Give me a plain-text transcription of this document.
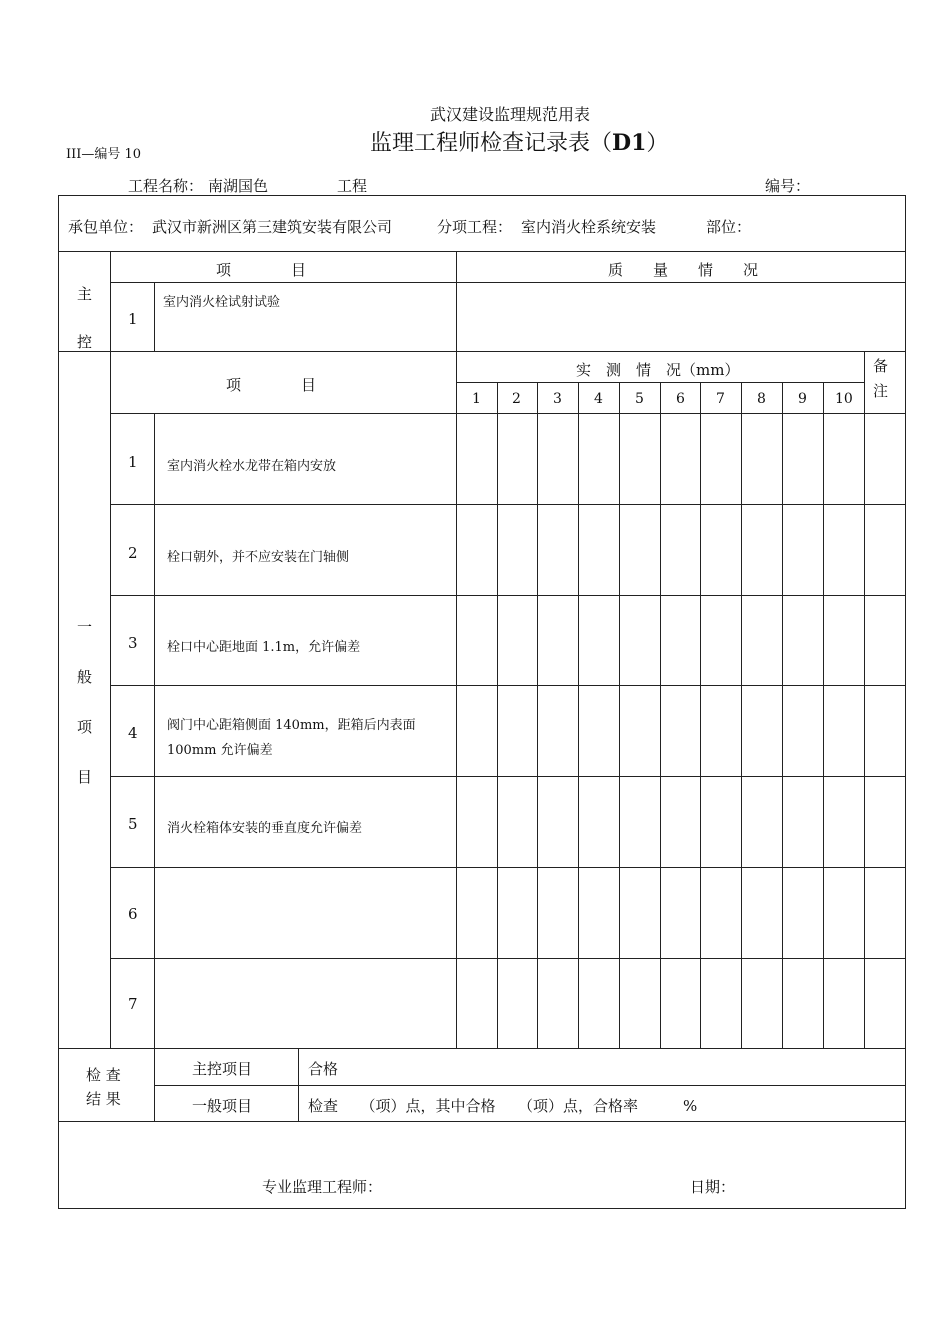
武汉建设监理规范用表
监理工程师检查记录表（D1）
III—编号 10
工程名称： 南湖国色	工程	编号：
承包单位： 武汉市新洲区第三建筑安装有限公司	分项工程： 室内消火栓系统安装	部位：
主
控
项　　　　目	质　　量　　情　　况
1
室内消火栓试射试验
一
般
项
目
项　　　　目
实　测　情　况（mm）	备
注
1 2 3 4 5 6 7 8 9 10
1 室内消火栓水龙带在箱内安放
2 栓口朝外，并不应安装在门轴侧
3 栓口中心距地面 1.1m，允许偏差
4 阀门中心距箱侧面 140mm，距箱后内表面
100mm 允许偏差
5 消火栓箱体安装的垂直度允许偏差
6
7
检 查
结 果
主控项目	合格
一般项目	检查　　（项）点，其中合格　　（项）点，合格率　　　%
专业监理工程师：	日期：
